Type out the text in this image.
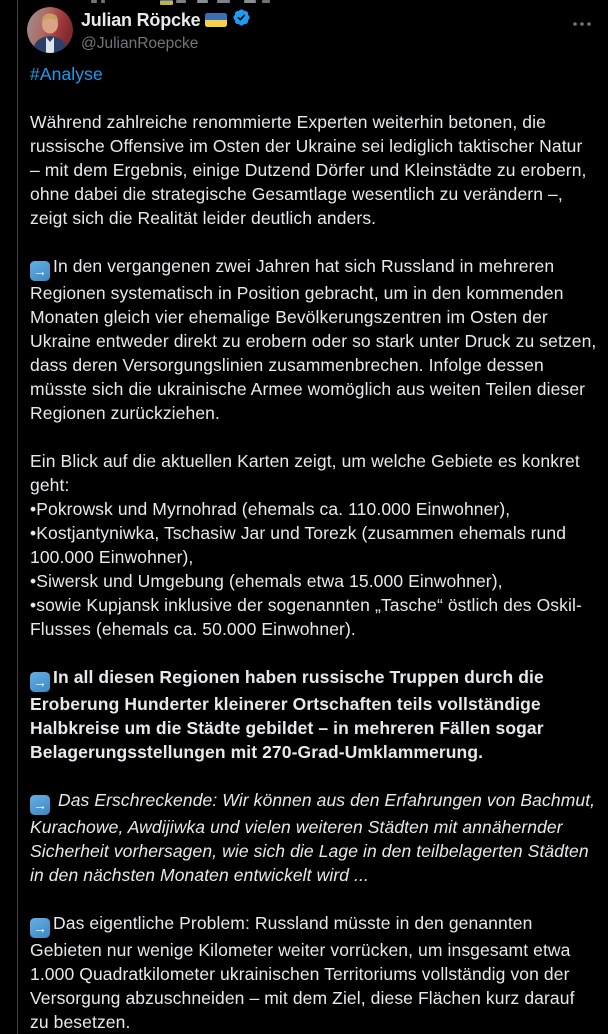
Julian Röpcke
@JulianRoepcke
#Analyse
Während zahlreiche renommierte Experten weiterhin betonen, die russische Offensive im Osten der Ukraine sei lediglich taktischer Natur – mit dem Ergebnis, einige Dutzend Dörfer und Kleinstädte zu erobern, ohne dabei die strategische Gesamtlage wesentlich zu verändern –, zeigt sich die Realität leider deutlich anders.
→ In den vergangenen zwei Jahren hat sich Russland in mehreren Regionen systematisch in Position gebracht, um in den kommenden Monaten gleich vier ehemalige Bevölkerungszentren im Osten der Ukraine entweder direkt zu erobern oder so stark unter Druck zu setzen, dass deren Versorgungslinien zusammenbrechen. Infolge dessen müsste sich die ukrainische Armee womöglich aus weiten Teilen dieser Regionen zurückziehen.
Ein Blick auf die aktuellen Karten zeigt, um welche Gebiete es konkret geht:
•Pokrowsk und Myrnohrad (ehemals ca. 110.000 Einwohner),
•Kostjantyniwka, Tschasiw Jar und Torezk (zusammen ehemals rund 100.000 Einwohner),
•Siwersk und Umgebung (ehemals etwa 15.000 Einwohner),
•sowie Kupjansk inklusive der sogenannten „Tasche“ östlich des Oskil-Flusses (ehemals ca. 50.000 Einwohner).
→ In all diesen Regionen haben russische Truppen durch die Eroberung Hunderter kleinerer Ortschaften teils vollständige Halbkreise um die Städte gebildet – in mehreren Fällen sogar Belagerungsstellungen mit 270-Grad-Umklammerung.
→ Das Erschreckende: Wir können aus den Erfahrungen von Bachmut, Kurachowe, Awdijiwka und vielen weiteren Städten mit annähernder Sicherheit vorhersagen, wie sich die Lage in den teilbelagerten Städten in den nächsten Monaten entwickelt wird ...
→ Das eigentliche Problem: Russland müsste in den genannten Gebieten nur wenige Kilometer weiter vorrücken, um insgesamt etwa 1.000 Quadratkilometer ukrainischen Territoriums vollständig von der Versorgung abzuschneiden – mit dem Ziel, diese Flächen kurz darauf zu besetzen.
